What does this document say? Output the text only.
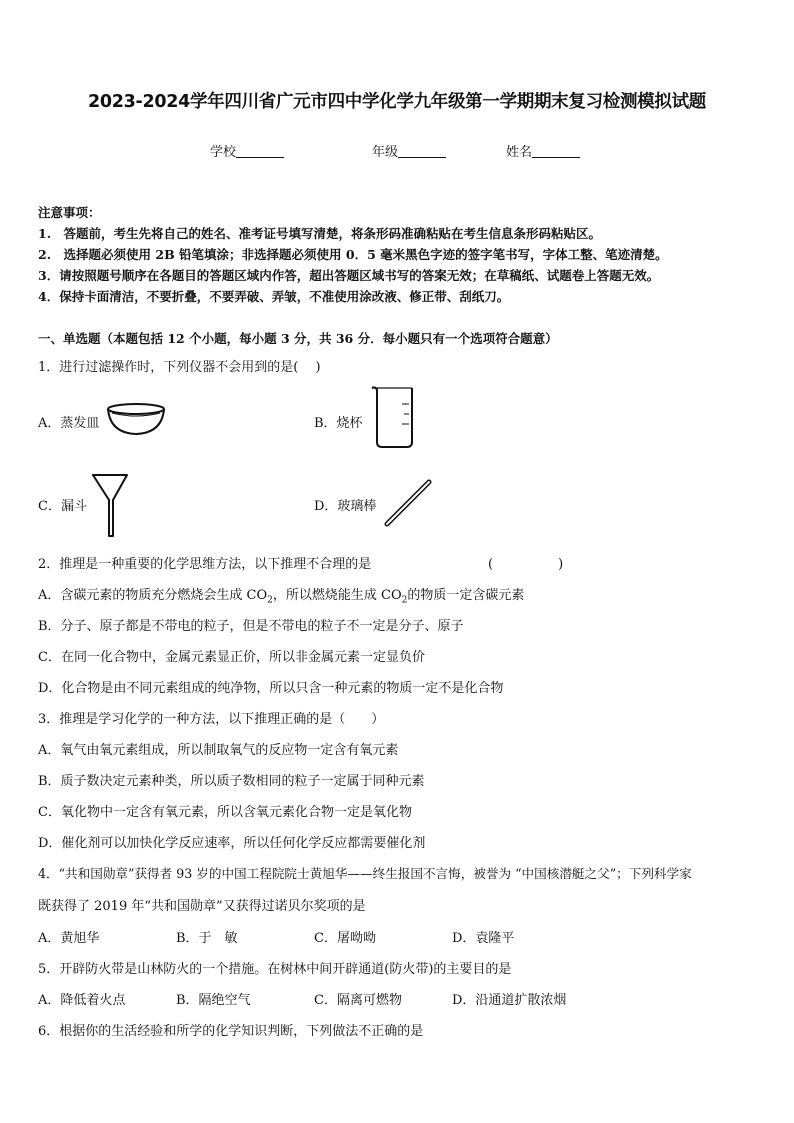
2023-2024学年四川省广元市四中学化学九年级第一学期期末复习检测模拟试题
学校	年级	姓名
注意事项：
1.　答题前，考生先将自己的姓名、准考证号填写清楚，将条形码准确粘贴在考生信息条形码粘贴区。
2.　选择题必须使用 2B 铅笔填涂；非选择题必须使用 0．5 毫米黑色字迹的签字笔书写，字体工整、笔迹清楚。
3．请按照题号顺序在各题目的答题区域内作答，超出答题区域书写的答案无效；在草稿纸、试题卷上答题无效。
4．保持卡面清洁，不要折叠，不要弄破、弄皱，不准使用涂改液、修正带、刮纸刀。
一、单选题（本题包括 12 个小题，每小题 3 分，共 36 分．每小题只有一个选项符合题意）
1．进行过滤操作时，下列仪器不会用到的是(　 )
A．蒸发皿	B．烧杯
C．漏斗	D．玻璃棒
2．推理是一种重要的化学思维方法，以下推理不合理的是	(　　　　　)
A．含碳元素的物质充分燃烧会生成 $CO_2$，所以燃烧能生成 $CO_2$的物质一定含碳元素
B．分子、原子都是不带电的粒子，但是不带电的粒子不一定是分子、原子
C．在同一化合物中，金属元素显正价，所以非金属元素一定显负价
D．化合物是由不同元素组成的纯净物，所以只含一种元素的物质一定不是化合物
3．推理是学习化学的一种方法，以下推理正确的是（　　）
A．氧气由氧元素组成，所以制取氧气的反应物一定含有氧元素
B．质子数决定元素种类，所以质子数相同的粒子一定属于同种元素
C．氧化物中一定含有氧元素，所以含氧元素化合物一定是氧化物
D．催化剂可以加快化学反应速率，所以任何化学反应都需要催化剂
4．“共和国勋章”获得者 93 岁的中国工程院院士黄旭华——终生报国不言悔，被誉为 “中国核潜艇之父”；下列科学家
既获得了 2019 年“共和国勋章”又获得过诺贝尔奖项的是
A．黄旭华	B．于　敏	C．屠呦呦	D．袁隆平
5．开辟防火带是山林防火的一个措施。在树林中间开辟通道(防火带)的主要目的是
A．降低着火点	B．隔绝空气	C．隔离可燃物	D．沿通道扩散浓烟
6．根据你的生活经验和所学的化学知识判断，下列做法不正确的是
